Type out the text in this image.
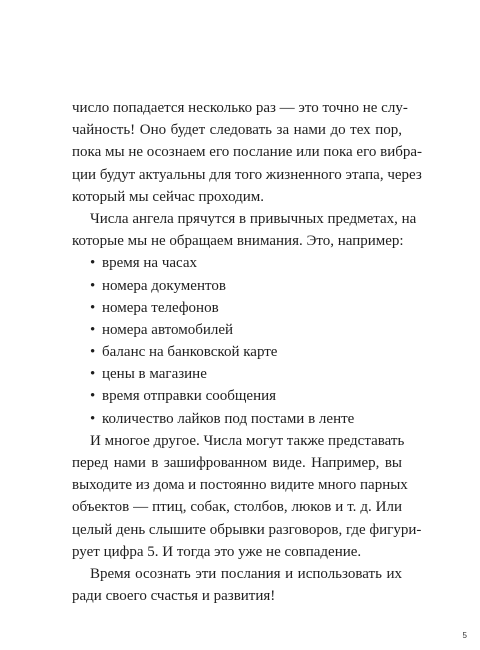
число попадается несколько раз — это точно не слу-
чайность! Оно будет следовать за нами до тех пор,
пока мы не осознаем его послание или пока его вибра-
ции будут актуальны для того жизненного этапа, через
который мы сейчас проходим.
Числа ангела прячутся в привычных предметах, на
которые мы не обращаем внимания. Это, например:
• время на часах
• номера документов
• номера телефонов
• номера автомобилей
• баланс на банковской карте
• цены в магазине
• время отправки сообщения
• количество лайков под постами в ленте
И многое другое. Числа могут также представать
перед нами в зашифрованном виде. Например, вы
выходите из дома и постоянно видите много парных
объектов — птиц, собак, столбов, люков и т. д. Или
целый день слышите обрывки разговоров, где фигури-
рует цифра 5. И тогда это уже не совпадение.
Время осознать эти послания и использовать их
ради своего счастья и развития!
5
